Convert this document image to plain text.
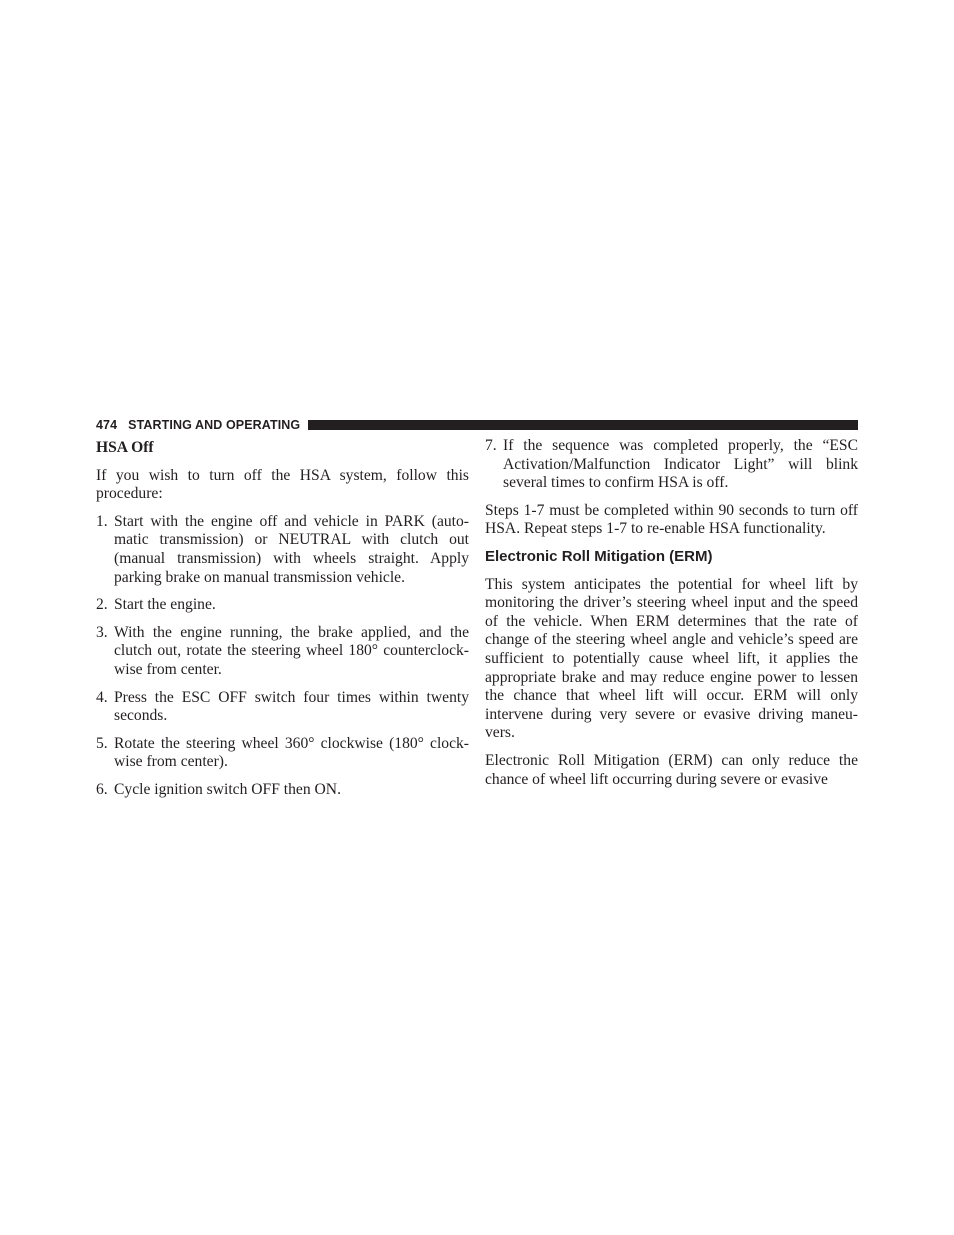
474 STARTING AND OPERATING
HSA Off

If you wish to turn off the HSA system, follow this procedure:

1. Start with the engine off and vehicle in PARK (auto-matic transmission) or NEUTRAL with clutch out (manual transmission) with wheels straight. Apply parking brake on manual transmission vehicle.
2. Start the engine.
3. With the engine running, the brake applied, and the clutch out, rotate the steering wheel 180° counterclock-wise from center.
4. Press the ESC OFF switch four times within twenty seconds.
5. Rotate the steering wheel 360° clockwise (180° clock-wise from center).
6. Cycle ignition switch OFF then ON.
7. If the sequence was completed properly, the “ESC Activation/Malfunction Indicator Light” will blink several times to confirm HSA is off.

Steps 1-7 must be completed within 90 seconds to turn off HSA. Repeat steps 1-7 to re-enable HSA functionality.

Electronic Roll Mitigation (ERM)

This system anticipates the potential for wheel lift by monitoring the driver’s steering wheel input and the speed of the vehicle. When ERM determines that the rate of change of the steering wheel angle and vehicle’s speed are sufficient to potentially cause wheel lift, it applies the appropriate brake and may reduce engine power to lessen the chance that wheel lift will occur. ERM will only intervene during very severe or evasive driving maneu-vers.

Electronic Roll Mitigation (ERM) can only reduce the chance of wheel lift occurring during severe or evasive
